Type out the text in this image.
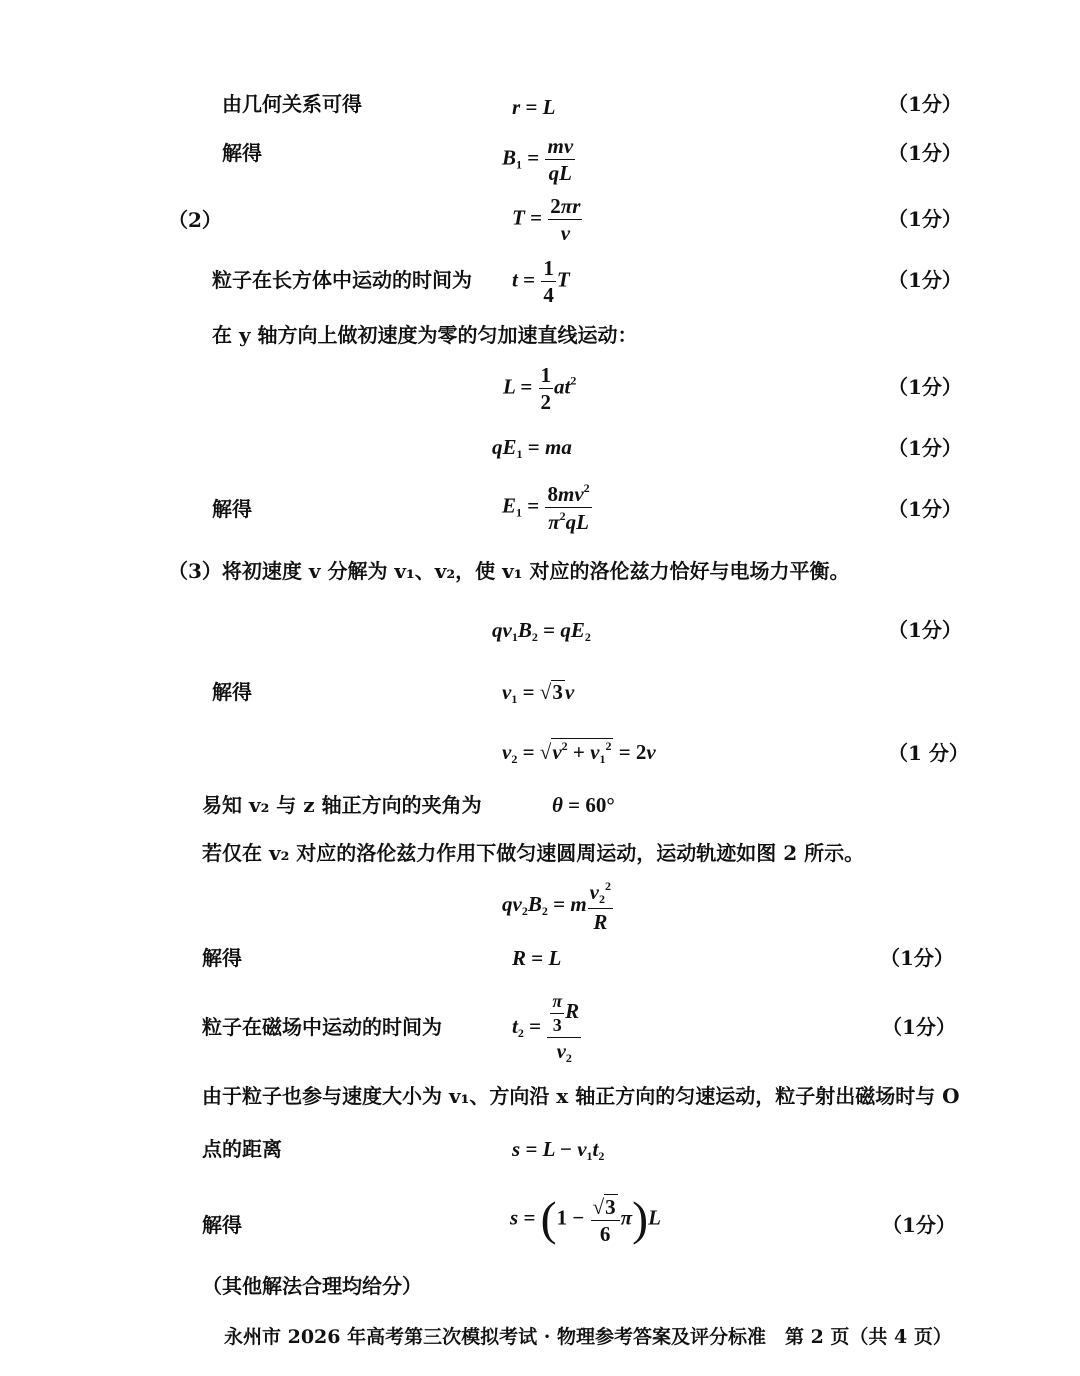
由几何关系可得	r = L	（1分）
解得	$B_1 = \frac{mv}{qL}$	（1分）
（2）	$T = \frac{2\pi r}{v}$	（1分）
粒子在长方体中运动的时间为 $t = \frac{1}{4}$ T	（1分）
在 y 轴方向上做初速度为零的匀加速直线运动：
$L = \frac{1}{2} at^2$	（1分）
$qE_1$ = ma	（1分）
解得	$E_1 = \frac{8mv^2}{\pi^2qL}$	（1分）
（3）将初速度 v 分解为 v₁、v₂，使 v₁ 对应的洛伦兹力恰好与电场力平衡。
$qv_1B_2 = qE_2$	（1分）
解得	$v_1 = √3v$
$v_2 = √v^2 + v_1^2 = 2v$	（1 分）
易知 v₂ 与 z 轴正方向的夹角为	θ = 60°
若仅在 v₂ 对应的洛伦兹力作用下做匀速圆周运动，运动轨迹如图 2 所示。
$qv_2B_2 = m \frac{v_2^2}{R}$
解得	R = L	（1分）
粒子在磁场中运动的时间为	$t_2 = \frac{\frac{\pi}{3} R}{v_2}$	（1分）
由于粒子也参与速度大小为 v₁、方向沿 x 轴正方向的匀速运动，粒子射出磁场时与 O
点的距离	$s = L - v_1t_2$
解得	$s = (1 - \frac{√3}{6} \pi)L$	（1分）
（其他解法合理均给分）
永州市 2026 年高考第三次模拟考试 · 物理参考答案及评分标准　第 2 页（共 4 页）
